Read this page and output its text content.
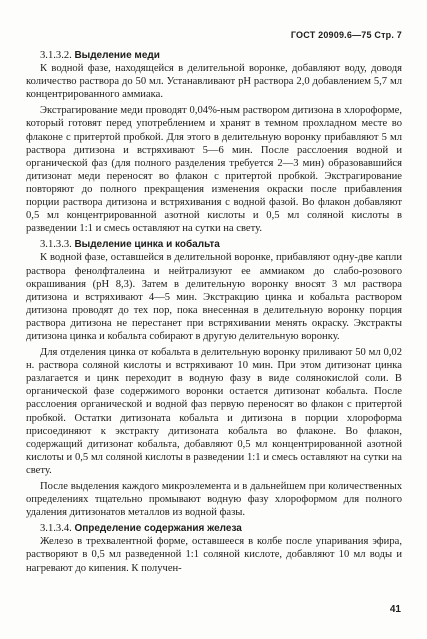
ГОСТ 20909.6—75 Стр. 7
3.1.3.2. Выделение меди

К водной фазе, находящейся в делительной воронке, добавляют воду, доводя количество раствора до 50 мл. Устанавливают рН раствора 2,0 добавлением 5,7 мл концентрированного аммиака.

Экстрагирование меди проводят 0,04%-ным раствором дитизона в хлороформе, который готовят перед употреблением и хранят в темном прохладном месте во флаконе с притертой пробкой. Для этого в делительную воронку прибавляют 5 мл раствора дитизона и встряхивают 5—6 мин. После расслоения водной и органической фаз (для полного разделения требуется 2—3 мин) образовавшийся дитизонат меди переносят во флакон с притертой пробкой. Экстрагирование повторяют до полного прекращения изменения окраски после прибавления порции раствора дитизона и встряхивания с водной фазой. Во флакон добавляют 0,5 мл концентрированной азотной кислоты и 0,5 мл соляной кислоты в разведении 1:1 и смесь оставляют на сутки на свету.

3.1.3.3. Выделение цинка и кобальта

К водной фазе, оставшейся в делительной воронке, прибавляют одну-две капли раствора фенолфталеина и нейтрализуют ее аммиаком до слабо-розового окрашивания (рН 8,3). Затем в делительную воронку вносят 3 мл раствора дитизона и встряхивают 4—5 мин. Экстракцию цинка и кобальта раствором дитизона проводят до тех пор, пока внесенная в делительную воронку порция раствора дитизона не перестанет при встряхивании менять окраску. Экстракты дитизона цинка и кобальта собирают в другую делительную воронку.

Для отделения цинка от кобальта в делительную воронку приливают 50 мл 0,02 н. раствора соляной кислоты и встряхивают 10 мин. При этом дитизонат цинка разлагается и цинк переходит в водную фазу в виде солянокислой соли. В органической фазе содержимого воронки остается дитизонат кобальта. После расслоения органической и водной фаз первую переносят во флакон с притертой пробкой. Остатки дитизоната кобальта и дитизона в порции хлороформа присоединяют к экстракту дитизоната кобальта во флаконе. Во флакон, содержащий дитизонат кобальта, добавляют 0,5 мл концентрированной азотной кислоты и 0,5 мл соляной кислоты в разведении 1:1 и смесь оставляют на сутки на свету.

После выделения каждого микроэлемента и в дальнейшем при количественных определениях тщательно промывают водную фазу хлороформом для полного удаления дитизонатов металлов из водной фазы.

3.1.3.4. Определение содержания железа

Железо в трехвалентной форме, оставшееся в колбе после упаривания эфира, растворяют в 0,5 мл разведенной 1:1 соляной кислоте, добавляют 10 мл воды и нагревают до кипения. К получен-

41
